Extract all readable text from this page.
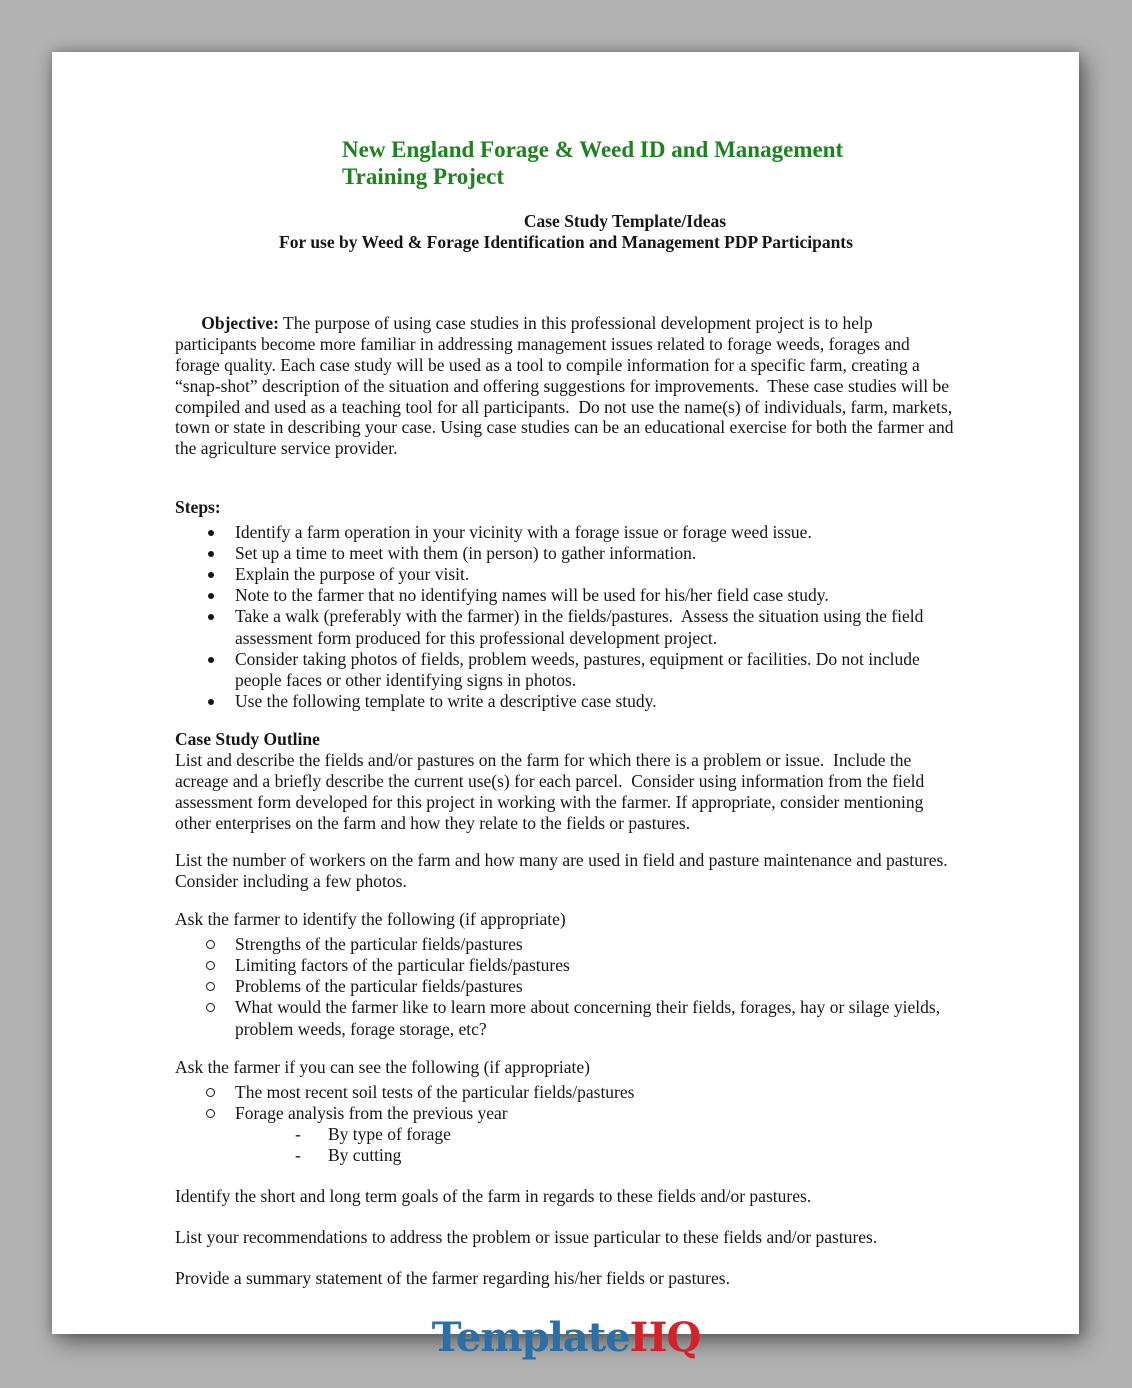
New England Forage & Weed ID and Management
Training Project
Case Study Template/Ideas
For use by Weed & Forage Identification and Management PDP Participants

Objective: The purpose of using case studies in this professional development project is to help participants become more familiar in addressing management issues related to forage weeds, forages and forage quality. Each case study will be used as a tool to compile information for a specific farm, creating a “snap-shot” description of the situation and offering suggestions for improvements.  These case studies will be compiled and used as a teaching tool for all participants.  Do not use the name(s) of individuals, farm, markets, town or state in describing your case. Using case studies can be an educational exercise for both the farmer and the agriculture service provider.

Steps:
Identify a farm operation in your vicinity with a forage issue or forage weed issue.
Set up a time to meet with them (in person) to gather information.
Explain the purpose of your visit.
Note to the farmer that no identifying names will be used for his/her field case study.
Take a walk (preferably with the farmer) in the fields/pastures.  Assess the situation using the field assessment form produced for this professional development project.
Consider taking photos of fields, problem weeds, pastures, equipment or facilities. Do not include people faces or other identifying signs in photos.
Use the following template to write a descriptive case study.
Case Study Outline
List and describe the fields and/or pastures on the farm for which there is a problem or issue.  Include the acreage and a briefly describe the current use(s) for each parcel.  Consider using information from the field assessment form developed for this project in working with the farmer. If appropriate, consider mentioning other enterprises on the farm and how they relate to the fields or pastures.
List the number of workers on the farm and how many are used in field and pasture maintenance and pastures.  Consider including a few photos.
Ask the farmer to identify the following (if appropriate)
Strengths of the particular fields/pastures
Limiting factors of the particular fields/pastures
Problems of the particular fields/pastures
What would the farmer like to learn more about concerning their fields, forages, hay or silage yields, problem weeds, forage storage, etc?
Ask the farmer if you can see the following (if appropriate)
The most recent soil tests of the particular fields/pastures
Forage analysis from the previous year
- By type of forage
- By cutting
Identify the short and long term goals of the farm in regards to these fields and/or pastures.
List your recommendations to address the problem or issue particular to these fields and/or pastures.
Provide a summary statement of the farmer regarding his/her fields or pastures.
TemplateHQ
